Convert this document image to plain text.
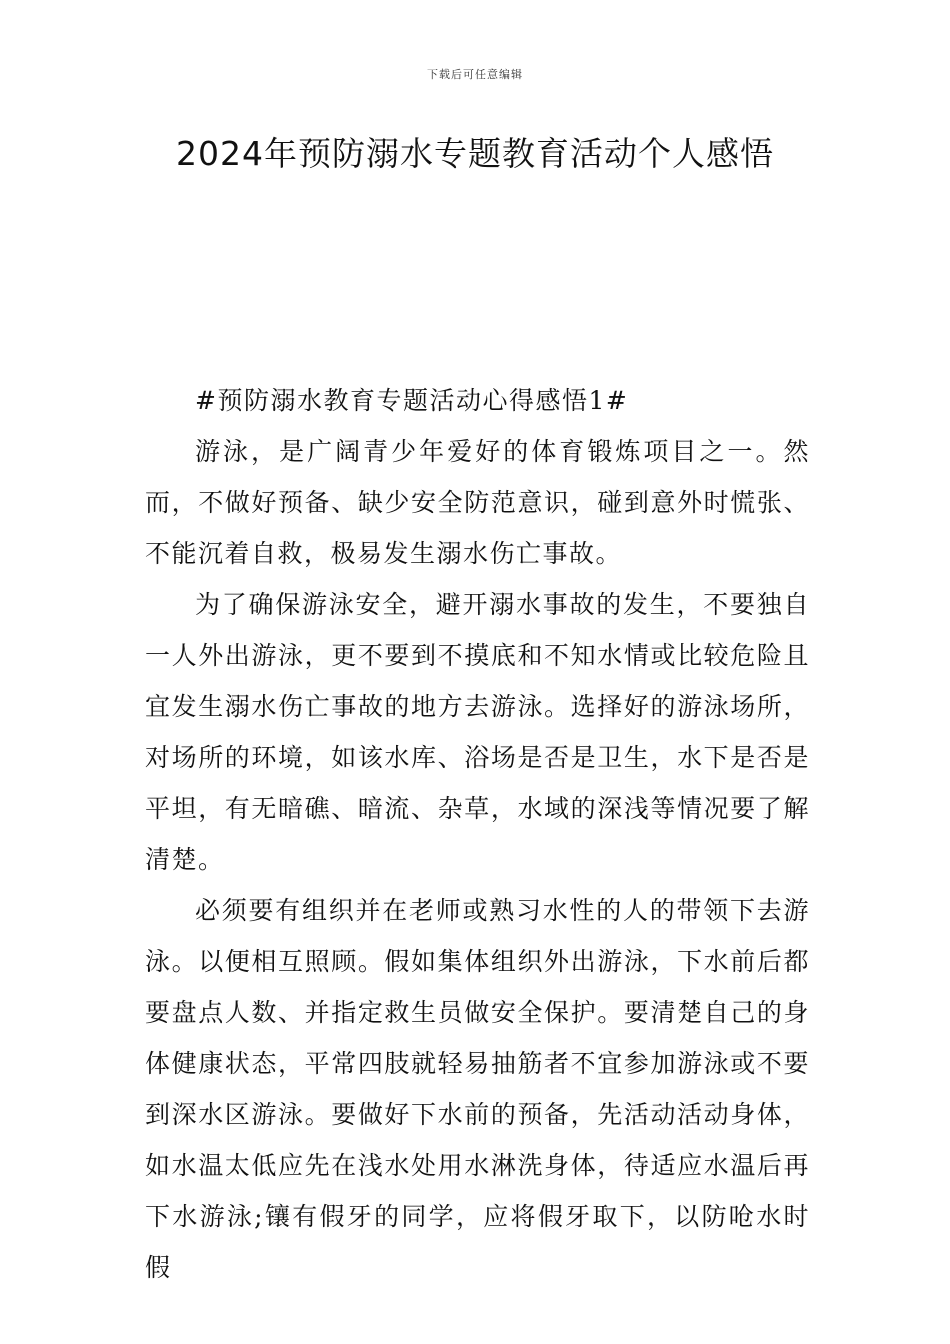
下载后可任意编辑
2024年预防溺水专题教育活动个人感悟

#预防溺水教育专题活动心得感悟1#

游泳，是广阔青少年爱好的体育锻炼项目之一。然而，不做好预备、缺少安全防范意识，碰到意外时慌张、不能沉着自救，极易发生溺水伤亡事故。

为了确保游泳安全，避开溺水事故的发生，不要独自一人外出游泳，更不要到不摸底和不知水情或比较危险且宜发生溺水伤亡事故的地方去游泳。选择好的游泳场所，对场所的环境，如该水库、浴场是否是卫生，水下是否是平坦，有无暗礁、暗流、杂草，水域的深浅等情况要了解清楚。

必须要有组织并在老师或熟习水性的人的带领下去游泳。以便相互照顾。假如集体组织外出游泳，下水前后都要盘点人数、并指定救生员做安全保护。要清楚自己的身体健康状态，平常四肢就轻易抽筋者不宜参加游泳或不要到深水区游泳。要做好下水前的预备，先活动活动身体，如水温太低应先在浅水处用水淋洗身体，待适应水温后再下水游泳;镶有假牙的同学，应将假牙取下，以防呛水时假
